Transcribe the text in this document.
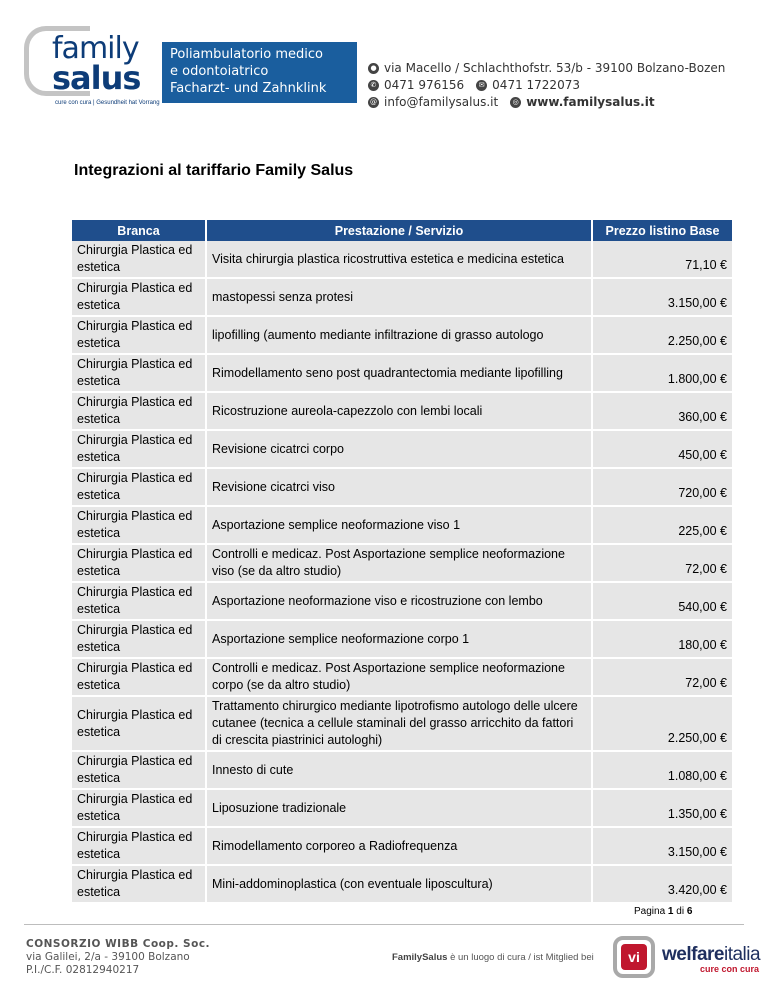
family
salus
cure con cura | Gesundheit hat Vorrang
Poliambulatorio medico
e odontoiatrico
Facharzt- und Zahnklink
● via Macello / Schlachthofstr. 53/b - 39100 Bolzano-Bozen
✆ 0471 976156	✉ 0471 1722073
@ info@familysalus.it	◎ www.familysalus.it
Integrazioni al tariffario Family Salus
Branca	Prestazione / Servizio	Prezzo listino Base
Chirurgia Plastica ed estetica	Visita chirurgia plastica ricostruttiva estetica e medicina estetica	71,10 €
Chirurgia Plastica ed estetica	mastopessi senza protesi	3.150,00 €
Chirurgia Plastica ed estetica	lipofilling (aumento mediante infiltrazione di grasso autologo	2.250,00 €
Chirurgia Plastica ed estetica	Rimodellamento seno post quadrantectomia mediante lipofilling	1.800,00 €
Chirurgia Plastica ed estetica	Ricostruzione aureola-capezzolo con lembi locali	360,00 €
Chirurgia Plastica ed estetica	Revisione cicatrci corpo	450,00 €
Chirurgia Plastica ed estetica	Revisione cicatrci viso	720,00 €
Chirurgia Plastica ed estetica	Asportazione semplice neoformazione viso 1	225,00 €
Chirurgia Plastica ed estetica	Controlli e medicaz. Post Asportazione semplice neoformazione viso (se da altro studio)	72,00 €
Chirurgia Plastica ed estetica	Asportazione neoformazione viso e ricostruzione con lembo	540,00 €
Chirurgia Plastica ed estetica	Asportazione semplice neoformazione corpo 1	180,00 €
Chirurgia Plastica ed estetica	Controlli e medicaz. Post Asportazione semplice neoformazione corpo (se da altro studio)	72,00 €
Chirurgia Plastica ed estetica	Trattamento chirurgico mediante lipotrofismo autologo delle ulcere cutanee (tecnica a cellule staminali del grasso arricchito da fattori di crescita piastrinici autologhi)	2.250,00 €
Chirurgia Plastica ed estetica	Innesto di cute	1.080,00 €
Chirurgia Plastica ed estetica	Liposuzione tradizionale	1.350,00 €
Chirurgia Plastica ed estetica	Rimodellamento corporeo a Radiofrequenza	3.150,00 €
Chirurgia Plastica ed estetica	Mini-addominoplastica (con eventuale liposcultura)	3.420,00 €
Pagina 1 di 6
CONSORZIO WIBB Coop. Soc.
via Galilei, 2/a - 39100 Bolzano
P.I./C.F. 02812940217
FamilySalus è un luogo di cura / ist Mitglied bei	vi	welfareitalia
cure con cura
